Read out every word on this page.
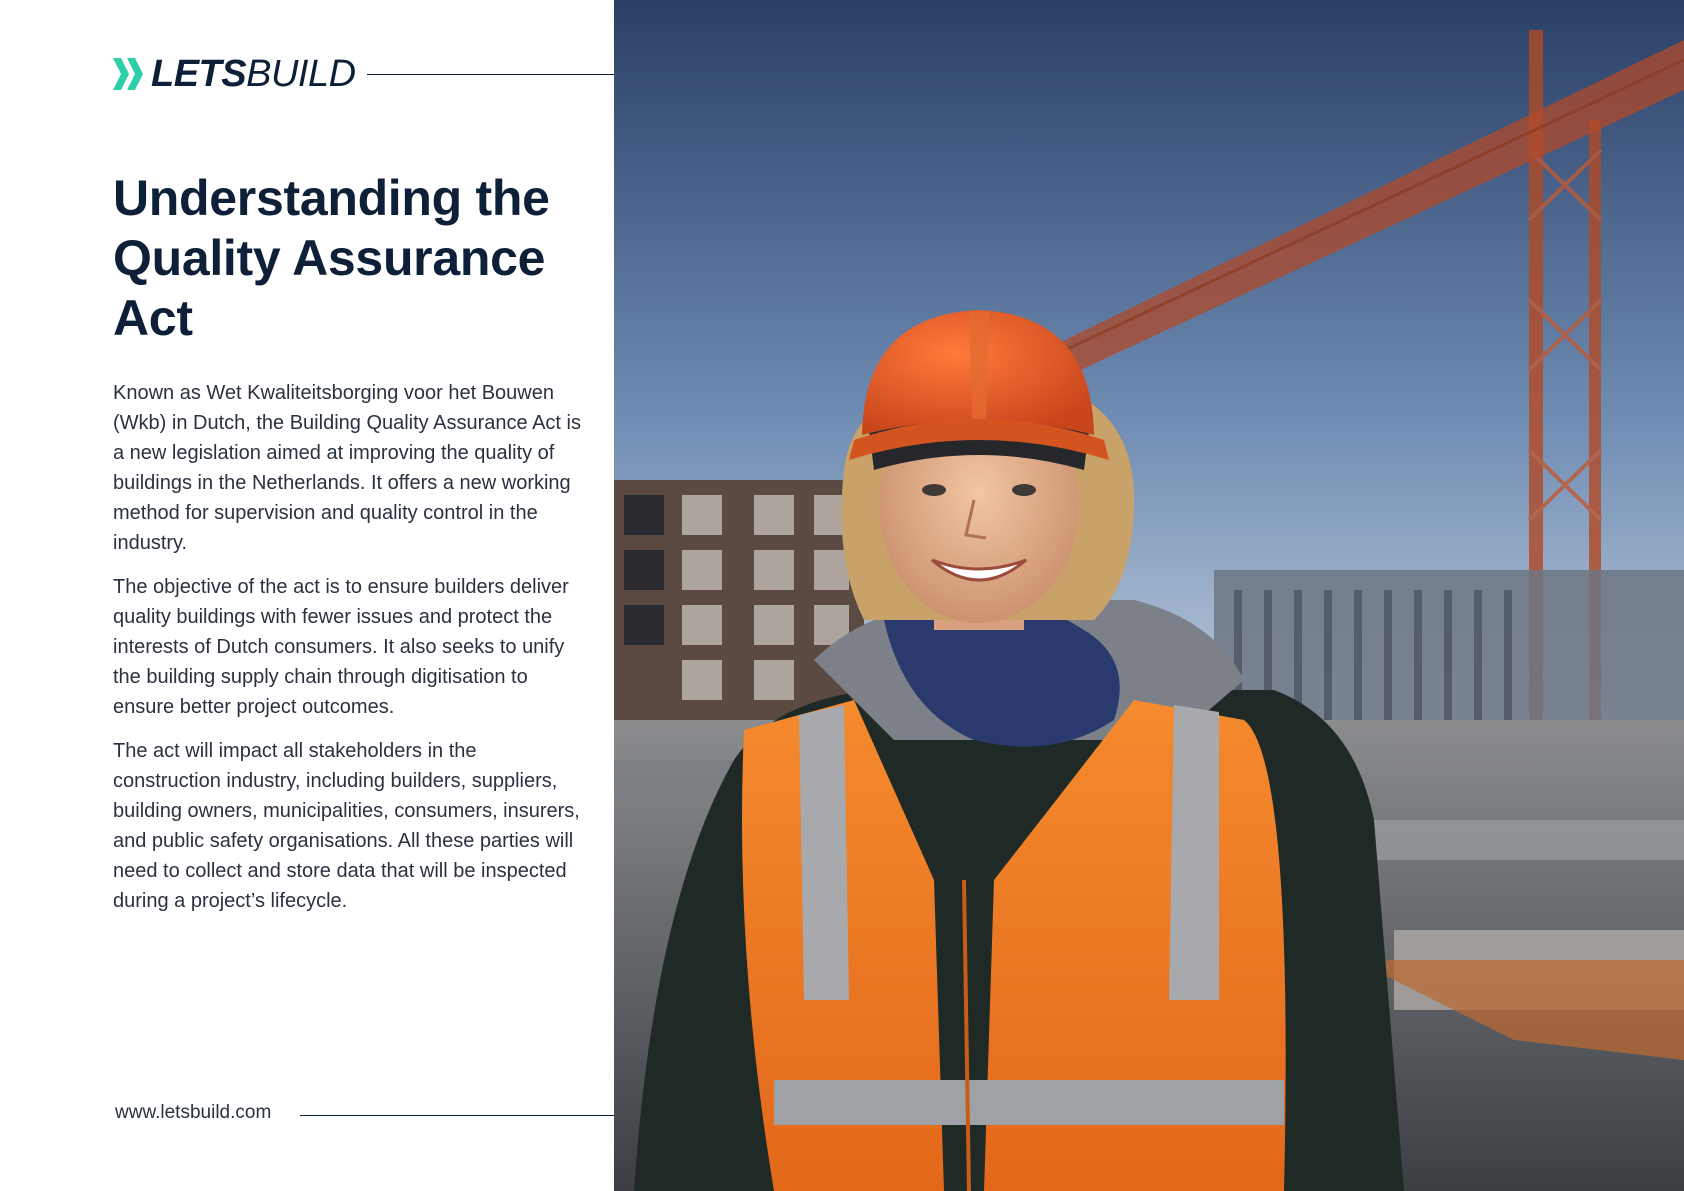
LETSBUILD
Understanding the Quality Assurance Act

Known as Wet Kwaliteitsborging voor het Bouwen (Wkb) in Dutch, the Building Quality Assurance Act is a new legislation aimed at improving the quality of buildings in the Netherlands. It offers a new working method for supervision and quality control in the industry.

The objective of the act is to ensure builders deliver quality buildings with fewer issues and protect the interests of Dutch consumers. It also seeks to unify the building supply chain through digitisation to ensure better project outcomes.

The act will impact all stakeholders in the construction industry, including builders, suppliers, building owners, municipalities, consumers, insurers, and public safety organisations. All these parties will need to collect and store data that will be inspected during a project’s lifecycle.

www.letsbuild.com
